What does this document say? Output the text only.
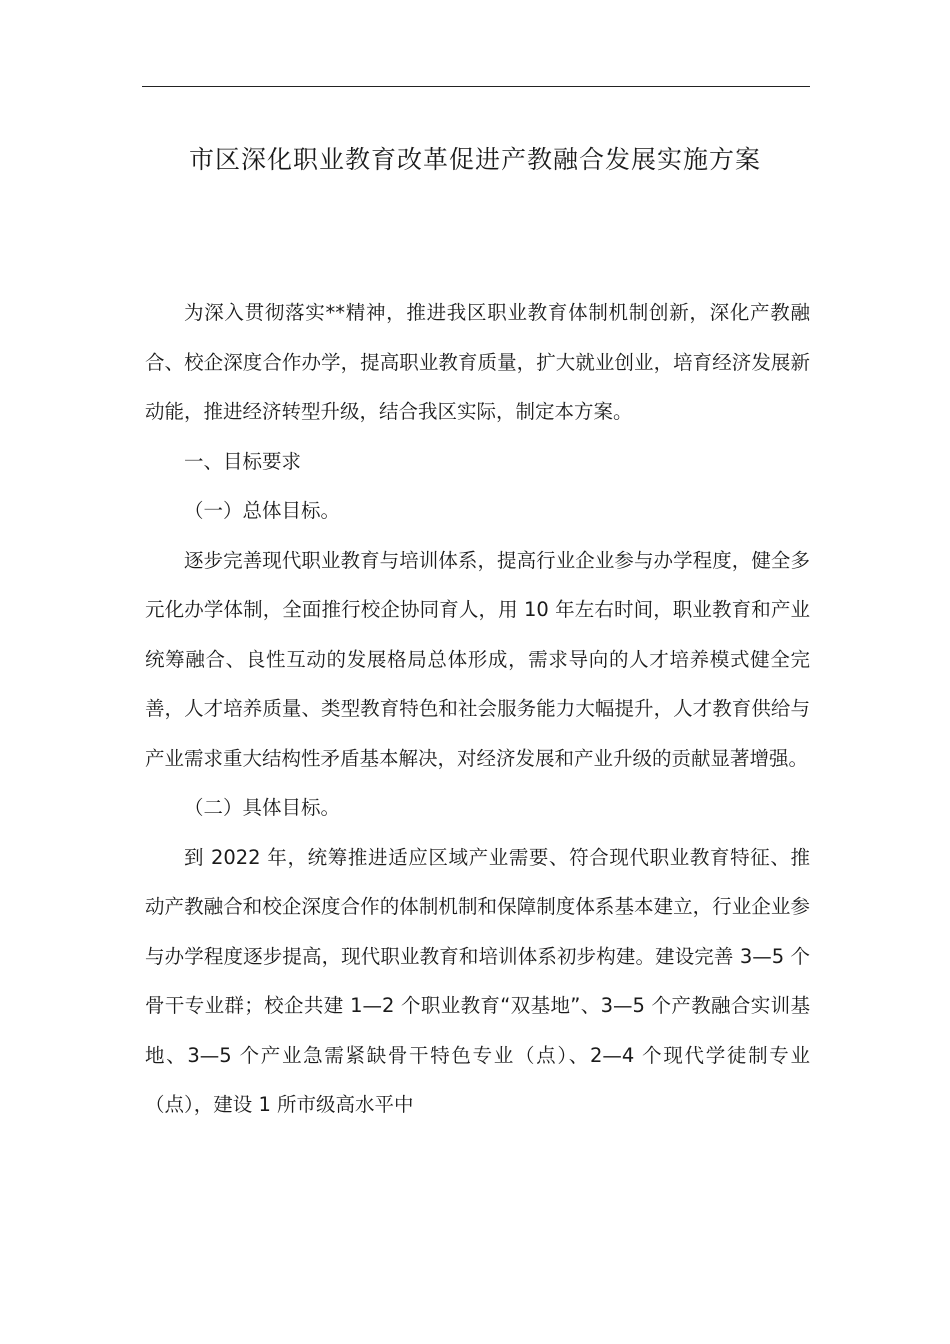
市区深化职业教育改革促进产教融合发展实施方案

为深入贯彻落实**精神，推进我区职业教育体制机制创新，深化产教融合、校企深度合作办学，提高职业教育质量，扩大就业创业，培育经济发展新动能，推进经济转型升级，结合我区实际，制定本方案。

一、目标要求

（一）总体目标。

逐步完善现代职业教育与培训体系，提高行业企业参与办学程度，健全多元化办学体制，全面推行校企协同育人，用 10 年左右时间，职业教育和产业统筹融合、良性互动的发展格局总体形成，需求导向的人才培养模式健全完善，人才培养质量、类型教育特色和社会服务能力大幅提升，人才教育供给与产业需求重大结构性矛盾基本解决，对经济发展和产业升级的贡献显著增强。

（二）具体目标。

到 2022 年，统筹推进适应区域产业需要、符合现代职业教育特征、推动产教融合和校企深度合作的体制机制和保障制度体系基本建立，行业企业参与办学程度逐步提高，现代职业教育和培训体系初步构建。建设完善 3—5 个骨干专业群；校企共建 1—2 个职业教育“双基地”、3—5 个产教融合实训基地、3—5 个产业急需紧缺骨干特色专业（点）、2—4 个现代学徒制专业（点），建设 1 所市级高水平中
